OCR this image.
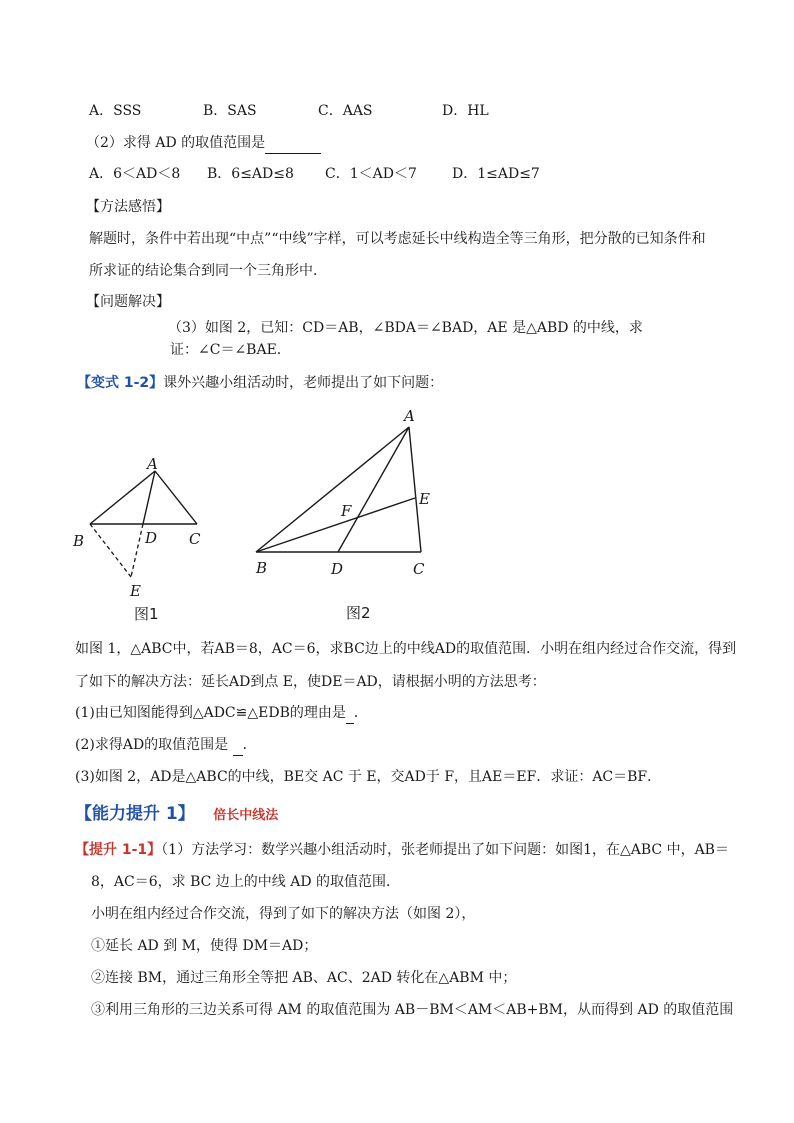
A．SSS	B．SAS	C．AAS	D．HL
（2）求得 AD 的取值范围是
A．6＜AD＜8 B．6≤AD≤8 C．1＜AD＜7	D．1≤AD≤7
【方法感悟】
解题时，条件中若出现“中点”“中线”字样，可以考虑延长中线构造全等三角形，把分散的已知条件和
所求证的结论集合到同一个三角形中．
【问题解决】
（3）如图 2，已知：CD＝AB，∠BDA＝∠BAD，AE 是△ABD 的中线，求
证：∠C＝∠BAE．
【变式 1-2】课外兴趣小组活动时，老师提出了如下问题：
A
B	D C
E
图1
A
F
E
B	D	C
图2
如图 1，△ABC中，若AB＝8，AC＝6，求BC边上的中线AD的取值范围．小明在组内经过合作交流，得到
了如下的解决方法：延长AD到点 E，使DE＝AD，请根据小明的方法思考：
(1)由已知图能得到△ADC≌△EDB的理由是 ．
(2)求得AD的取值范围是 ．
(3)如图 2，AD是△ABC的中线，BE交 AC 于 E，交AD于 F，且AE＝EF．求证：AC＝BF．
【能力提升 1】 倍长中线法
【提升 1-1】（1）方法学习：数学兴趣小组活动时，张老师提出了如下问题：如图1，在△ABC 中，AB＝
8，AC＝6，求 BC 边上的中线 AD 的取值范围．
小明在组内经过合作交流，得到了如下的解决方法（如图 2），
①延长 AD 到 M，使得 DM＝AD；
②连接 BM，通过三角形全等把 AB、AC、2AD 转化在△ABM 中；
③利用三角形的三边关系可得 AM 的取值范围为 AB－BM＜AM＜AB+BM，从而得到 AD 的取值范围
